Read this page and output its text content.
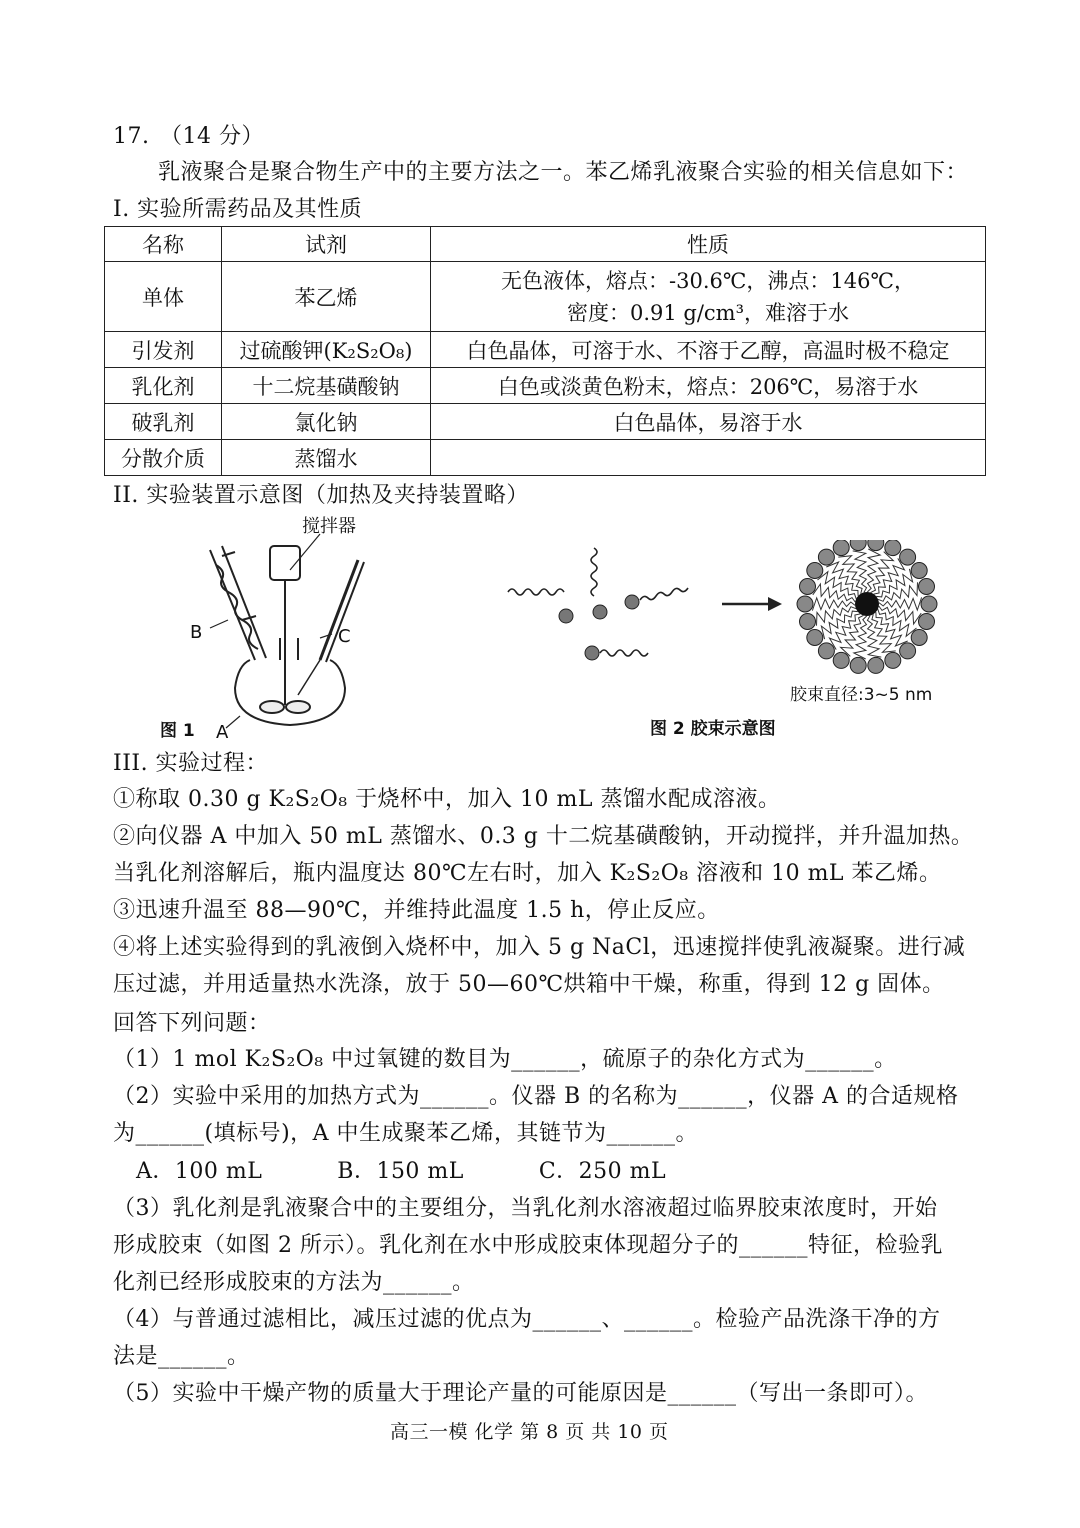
17. （14 分）
乳液聚合是聚合物生产中的主要方法之一。苯乙烯乳液聚合实验的相关信息如下：
I. 实验所需药品及其性质
名称	试剂	性质
单体	苯乙烯	无色液体，熔点：-30.6℃，沸点：146℃，
密度：0.91 g/cm³，难溶于水

引发剂	过硫酸钾(K₂S₂O₈)	白色晶体，可溶于水、不溶于乙醇，高温时极不稳定
乳化剂	十二烷基磺酸钠	白色或淡黄色粉末，熔点：206℃，易溶于水
破乳剂	氯化钠	白色晶体，易溶于水
分散介质	蒸馏水	
II. 实验装置示意图（加热及夹持装置略）
搅拌器
B	C
A
图 1
胶束直径:3~5 nm
图 2 胶束示意图
III. 实验过程：
①称取 0.30 g K₂S₂O₈ 于烧杯中，加入 10 mL 蒸馏水配成溶液。
②向仪器 A 中加入 50 mL 蒸馏水、0.3 g 十二烷基磺酸钠，开动搅拌，并升温加热。
当乳化剂溶解后，瓶内温度达 80℃左右时，加入 K₂S₂O₈ 溶液和 10 mL 苯乙烯。
③迅速升温至 88—90℃，并维持此温度 1.5 h，停止反应。
④将上述实验得到的乳液倒入烧杯中，加入 5 g NaCl，迅速搅拌使乳液凝聚。进行减
压过滤，并用适量热水洗涤，放于 50—60℃烘箱中干燥，称重，得到 12 g 固体。
回答下列问题：
（1）1 mol K₂S₂O₈ 中过氧键的数目为______，硫原子的杂化方式为______。
（2）实验中采用的加热方式为______。仪器 B 的名称为______，仪器 A 的合适规格
为______(填标号)，A 中生成聚苯乙烯，其链节为______。
A．100 mL          B．150 mL          C．250 mL
（3）乳化剂是乳液聚合中的主要组分，当乳化剂水溶液超过临界胶束浓度时，开始
形成胶束（如图 2 所示）。乳化剂在水中形成胶束体现超分子的______特征，检验乳
化剂已经形成胶束的方法为______。
（4）与普通过滤相比，减压过滤的优点为______、______。检验产品洗涤干净的方
法是______。
（5）实验中干燥产物的质量大于理论产量的可能原因是______（写出一条即可）。
高三一模 化学 第 8 页 共 10 页
